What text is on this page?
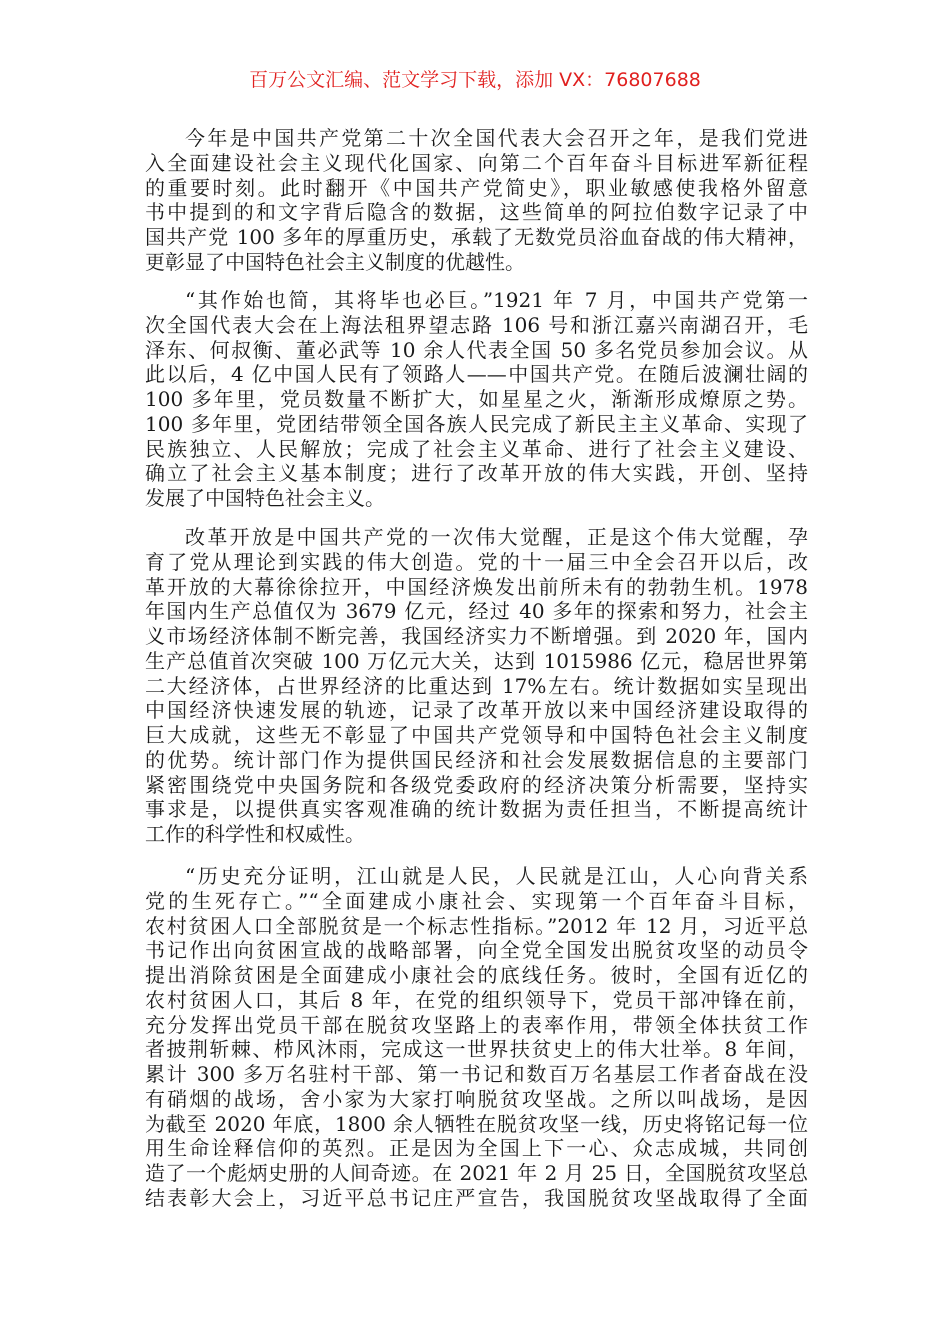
百万公文汇编、范文学习下载，添加 VX：76807688
今年是中国共产党第二十次全国代表大会召开之年，是我们党进
入全面建设社会主义现代化国家、向第二个百年奋斗目标进军新征程
的重要时刻。此时翻开《中国共产党简史》，职业敏感使我格外留意
书中提到的和文字背后隐含的数据，这些简单的阿拉伯数字记录了中
国共产党 100 多年的厚重历史，承载了无数党员浴血奋战的伟大精神，
更彰显了中国特色社会主义制度的优越性。
“其作始也简，其将毕也必巨。”1921 年 7 月，中国共产党第一
次全国代表大会在上海法租界望志路 106 号和浙江嘉兴南湖召开，毛
泽东、何叔衡、董必武等 10 余人代表全国 50 多名党员参加会议。从
此以后，4 亿中国人民有了领路人——中国共产党。在随后波澜壮阔的
100 多年里，党员数量不断扩大，如星星之火，渐渐形成燎原之势。
100 多年里，党团结带领全国各族人民完成了新民主主义革命、实现了
民族独立、人民解放；完成了社会主义革命、进行了社会主义建设、
确立了社会主义基本制度；进行了改革开放的伟大实践，开创、坚持
发展了中国特色社会主义。
改革开放是中国共产党的一次伟大觉醒，正是这个伟大觉醒，孕
育了党从理论到实践的伟大创造。党的十一届三中全会召开以后，改
革开放的大幕徐徐拉开，中国经济焕发出前所未有的勃勃生机。1978
年国内生产总值仅为 3679 亿元，经过 40 多年的探索和努力，社会主
义市场经济体制不断完善，我国经济实力不断增强。到 2020 年，国内
生产总值首次突破 100 万亿元大关，达到 1015986 亿元，稳居世界第
二大经济体，占世界经济的比重达到 17%左右。统计数据如实呈现出
中国经济快速发展的轨迹，记录了改革开放以来中国经济建设取得的
巨大成就，这些无不彰显了中国共产党领导和中国特色社会主义制度
的优势。统计部门作为提供国民经济和社会发展数据信息的主要部门
紧密围绕党中央国务院和各级党委政府的经济决策分析需要，坚持实
事求是，以提供真实客观准确的统计数据为责任担当，不断提高统计
工作的科学性和权威性。
“历史充分证明，江山就是人民，人民就是江山，人心向背关系
党的生死存亡。”“全面建成小康社会、实现第一个百年奋斗目标，
农村贫困人口全部脱贫是一个标志性指标。”2012 年 12 月，习近平总
书记作出向贫困宣战的战略部署，向全党全国发出脱贫攻坚的动员令
提出消除贫困是全面建成小康社会的底线任务。彼时，全国有近亿的
农村贫困人口，其后 8 年，在党的组织领导下，党员干部冲锋在前，
充分发挥出党员干部在脱贫攻坚路上的表率作用，带领全体扶贫工作
者披荆斩棘、栉风沐雨，完成这一世界扶贫史上的伟大壮举。8 年间，
累计 300 多万名驻村干部、第一书记和数百万名基层工作者奋战在没
有硝烟的战场，舍小家为大家打响脱贫攻坚战。之所以叫战场，是因
为截至 2020 年底，1800 余人牺牲在脱贫攻坚一线，历史将铭记每一位
用生命诠释信仰的英烈。正是因为全国上下一心、众志成城，共同创
造了一个彪炳史册的人间奇迹。在 2021 年 2 月 25 日，全国脱贫攻坚总
结表彰大会上，习近平总书记庄严宣告，我国脱贫攻坚战取得了全面
